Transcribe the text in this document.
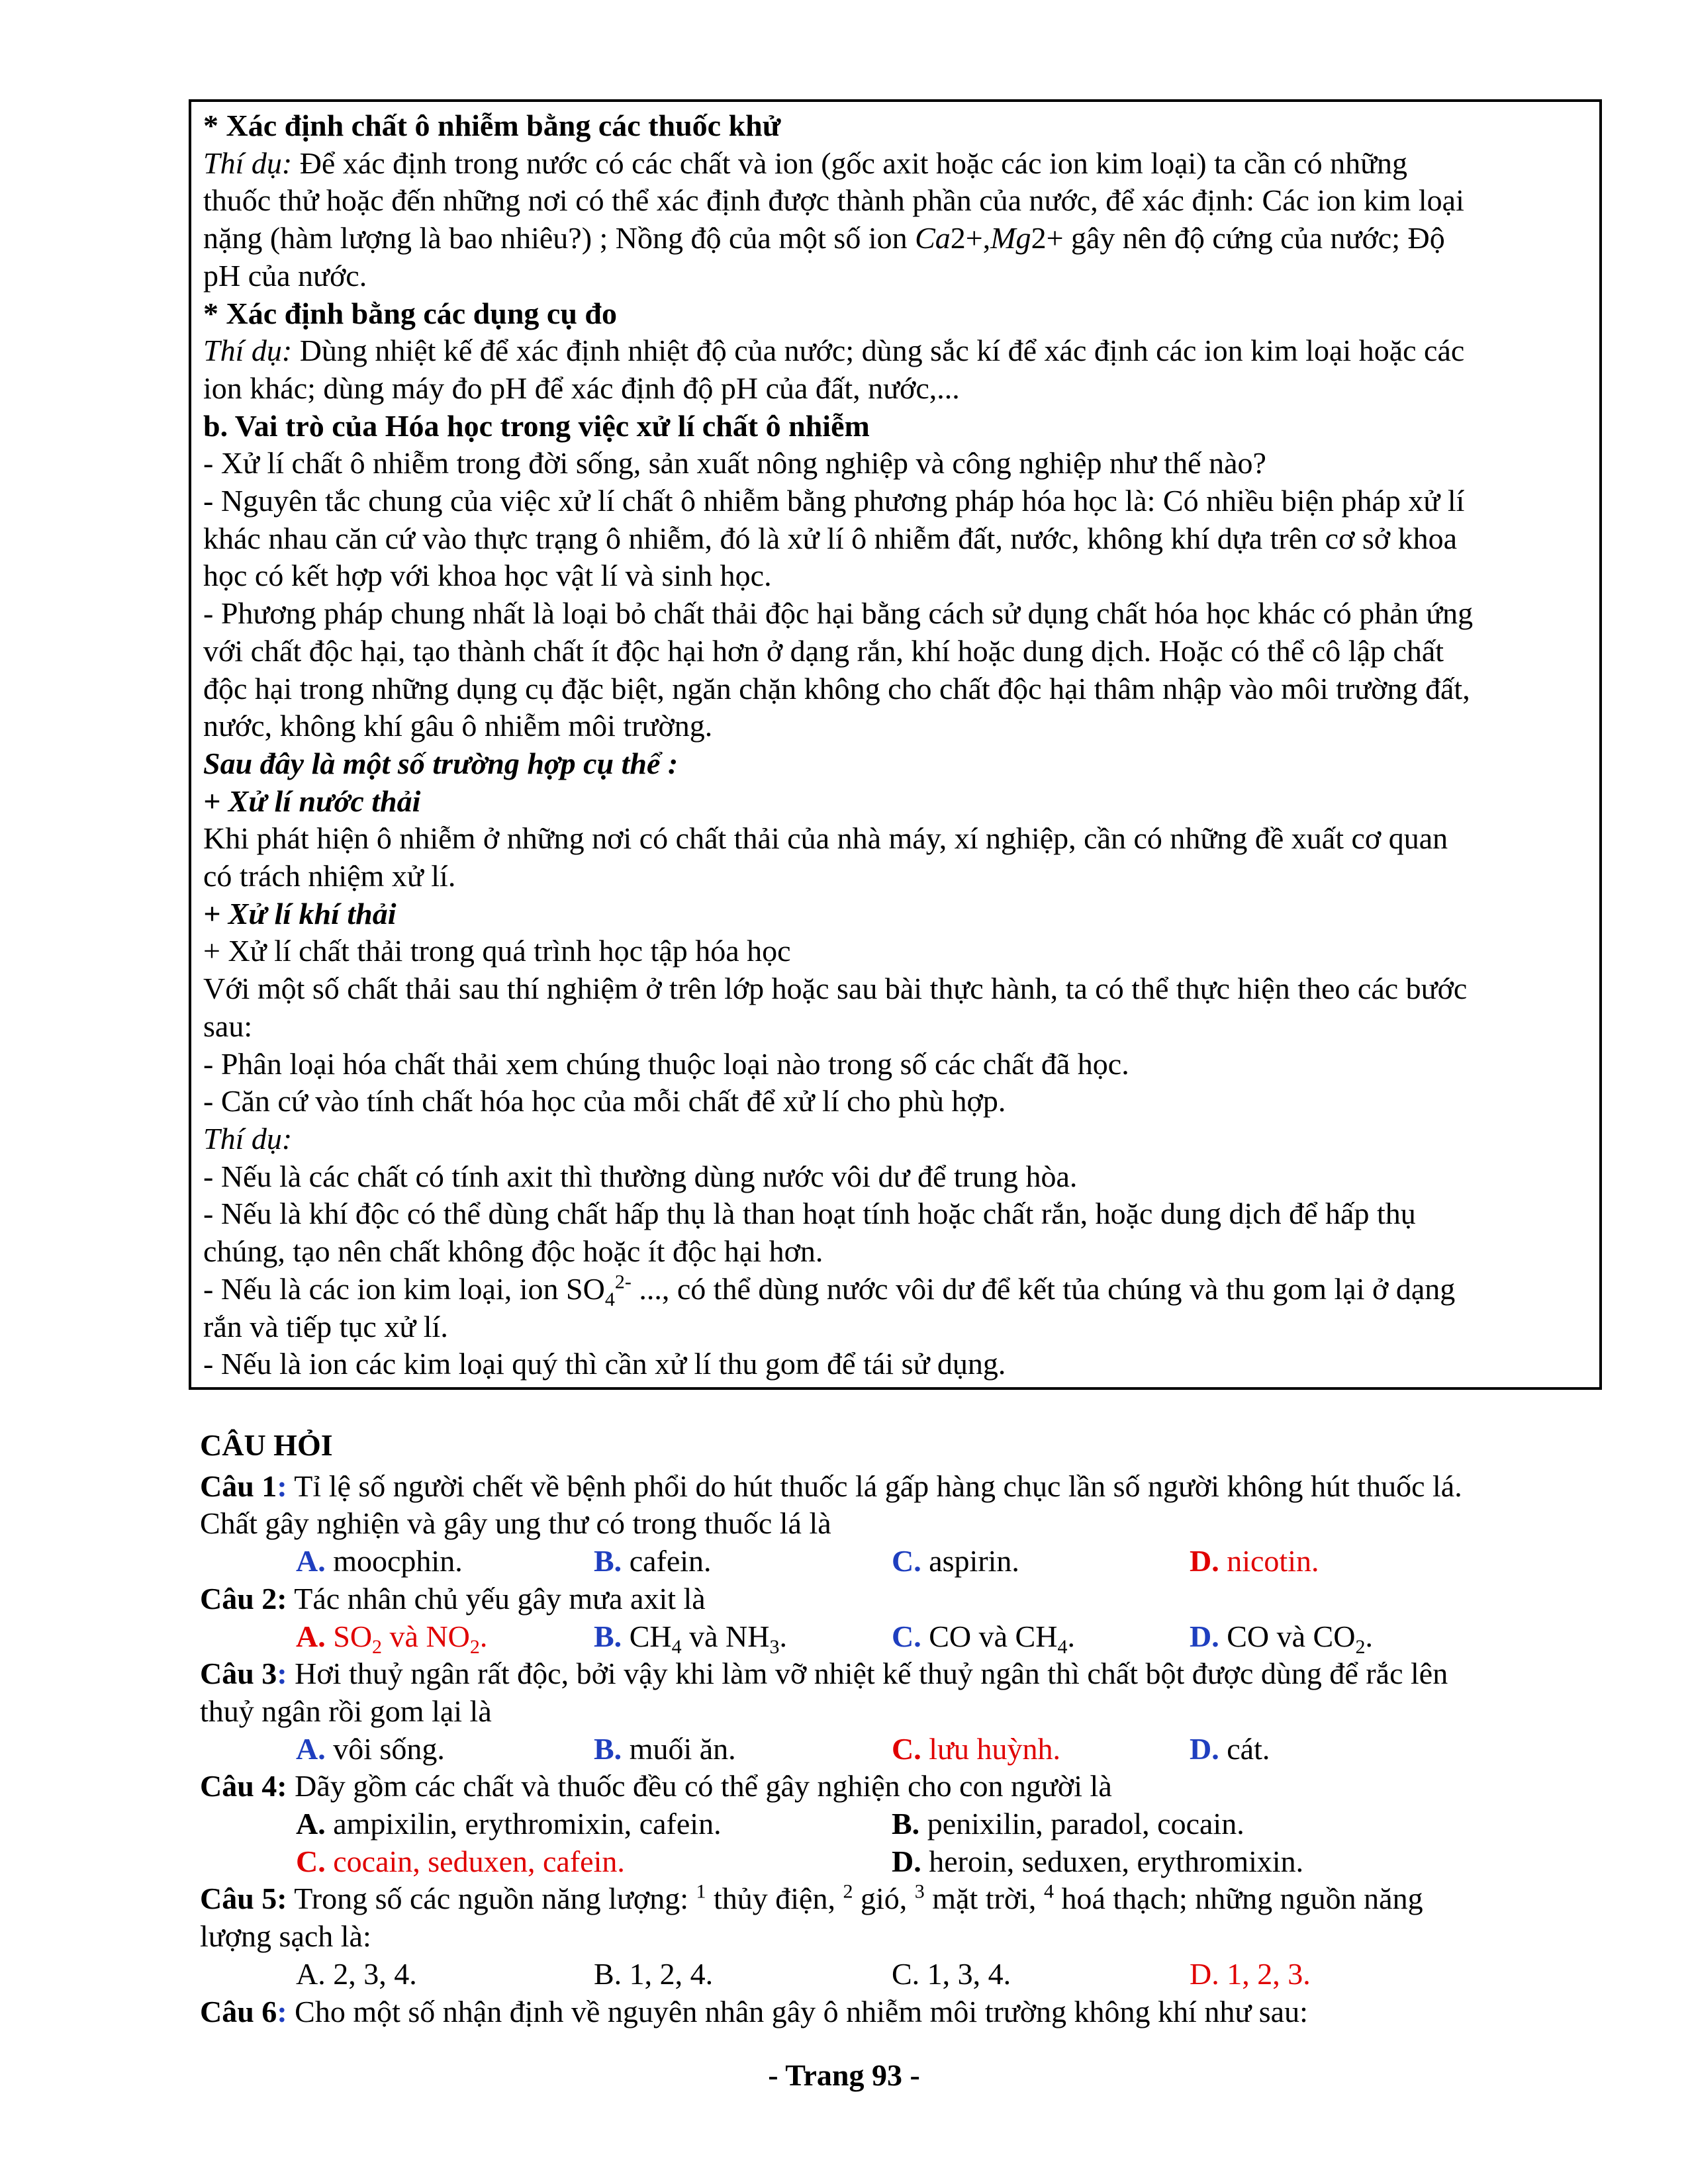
* Xác định chất ô nhiễm bằng các thuốc khử

Thí dụ: Để xác định trong nước có các chất và ion (gốc axit hoặc các ion kim loại) ta cần có những

thuốc thử hoặc đến những nơi có thể xác định được thành phần của nước, để xác định: Các ion kim loại

nặng (hàm lượng là bao nhiêu?) ; Nồng độ của một số ion Ca2+,Mg2+ gây nên độ cứng của nước; Độ

pH của nước.

* Xác định bằng các dụng cụ đo

Thí dụ: Dùng nhiệt kế để xác định nhiệt độ của nước; dùng sắc kí để xác định các ion kim loại hoặc các

ion khác; dùng máy đo pH để xác định độ pH của đất, nước,...

b. Vai trò của Hóa học trong việc xử lí chất ô nhiễm

- Xử lí chất ô nhiễm trong đời sống, sản xuất nông nghiệp và công nghiệp như thế nào?

- Nguyên tắc chung của việc xử lí chất ô nhiễm bằng phương pháp hóa học là: Có nhiều biện pháp xử lí

khác nhau căn cứ vào thực trạng ô nhiễm, đó là xử lí ô nhiễm đất, nước, không khí dựa trên cơ sở khoa

học có kết hợp với khoa học vật lí và sinh học.

- Phương pháp chung nhất là loại bỏ chất thải độc hại bằng cách sử dụng chất hóa học khác có phản ứng

với chất độc hại, tạo thành chất ít độc hại hơn ở dạng rắn, khí hoặc dung dịch. Hoặc có thể cô lập chất

độc hại trong những dụng cụ đặc biệt, ngăn chặn không cho chất độc hại thâm nhập vào môi trường đất,

nước, không khí gâu ô nhiễm môi trường.

Sau đây là một số trường hợp cụ thể :

+ Xử lí nước thải

Khi phát hiện ô nhiễm ở những nơi có chất thải của nhà máy, xí nghiệp, cần có những đề xuất cơ quan

có trách nhiệm xử lí.

+ Xử lí khí thải

+ Xử lí chất thải trong quá trình học tập hóa học

Với một số chất thải sau thí nghiệm ở trên lớp hoặc sau bài thực hành, ta có thể thực hiện theo các bước

sau:

- Phân loại hóa chất thải xem chúng thuộc loại nào trong số các chất đã học.

- Căn cứ vào tính chất hóa học của mỗi chất để xử lí cho phù hợp.

Thí dụ:

- Nếu là các chất có tính axit thì thường dùng nước vôi dư để trung hòa.

- Nếu là khí độc có thể dùng chất hấp thụ là than hoạt tính hoặc chất rắn, hoặc dung dịch để hấp thụ

chúng, tạo nên chất không độc hoặc ít độc hại hơn.

- Nếu là các ion kim loại, ion $SO_4^{2-}$ ..., có thể dùng nước vôi dư để kết tủa chúng và thu gom lại ở dạng

rắn và tiếp tục xử lí.

- Nếu là ion các kim loại quý thì cần xử lí thu gom để tái sử dụng.

CÂU HỎI

Câu 1: Tỉ lệ số người chết về bệnh phổi do hút thuốc lá gấp hàng chục lần số người không hút thuốc lá.

Chất gây nghiện và gây ung thư có trong thuốc lá là

A. moocphin.	B. cafein.	C. aspirin.	D. nicotin.

Câu 2: Tác nhân chủ yếu gây mưa axit là

A. $SO_2$ và $NO_2$.	B. $CH_4$ và $NH_3$.	C. CO và $CH_4$.	D. CO và $CO_2$.

Câu 3: Hơi thuỷ ngân rất độc, bởi vậy khi làm vỡ nhiệt kế thuỷ ngân thì chất bột được dùng để rắc lên

thuỷ ngân rồi gom lại là

A. vôi sống.	B. muối ăn.	C. lưu huỳnh.	D. cát.

Câu 4: Dãy gồm các chất và thuốc đều có thể gây nghiện cho con người là

A. ampixilin, erythromixin, cafein.	B. penixilin, paradol, cocain.
C. cocain, seduxen, cafein.	D. heroin, seduxen, erythromixin.

Câu 5: Trong số các nguồn năng lượng: $^1$ thủy điện, $^2$ gió, $^3$ mặt trời, $^4$ hoá thạch; những nguồn năng

lượng sạch là:

A. 2, 3, 4.	B. 1, 2, 4.	C. 1, 3, 4.	D. 1, 2, 3.

Câu 6: Cho một số nhận định về nguyên nhân gây ô nhiễm môi trường không khí như sau:

- Trang 93 -
